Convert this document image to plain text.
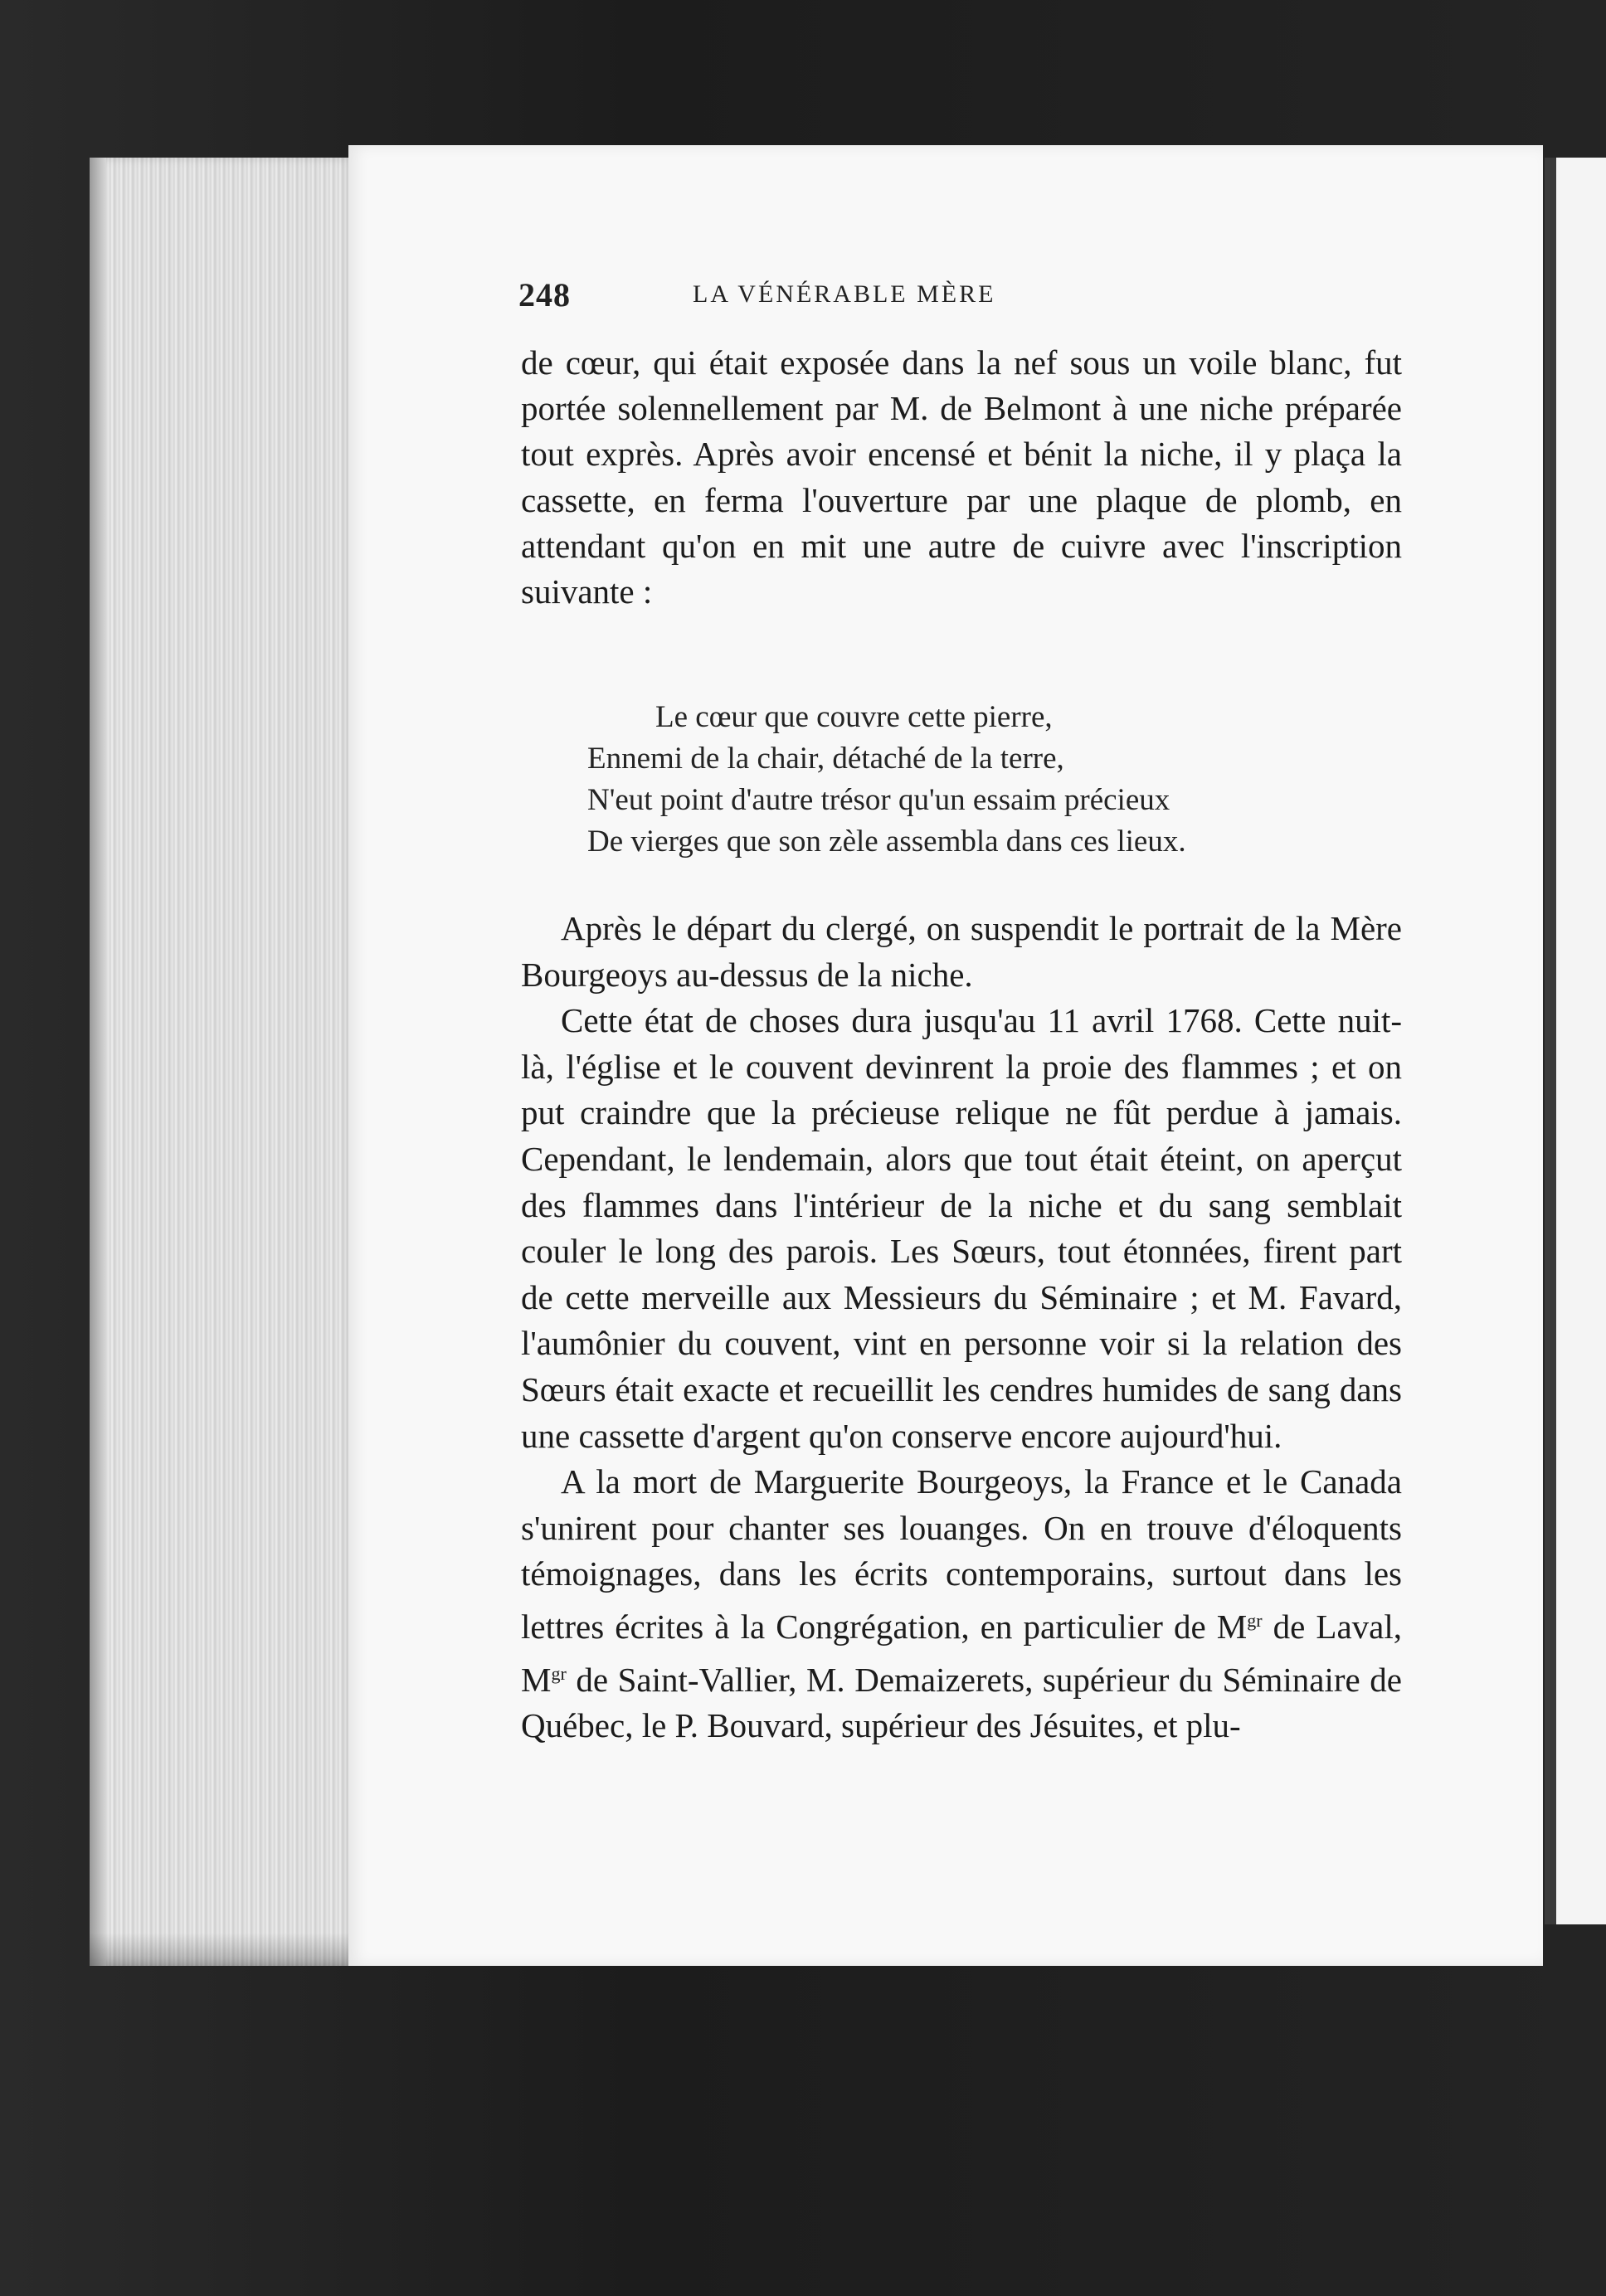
248	LA VÉNÉRABLE MÈRE

de cœur, qui était exposée dans la nef sous un voile blanc, fut portée solennellement par M. de Belmont à une niche préparée tout exprès. Après avoir encensé et bénit la niche, il y plaça la cassette, en ferma l'ouverture par une plaque de plomb, en attendant qu'on en mit une autre de cuivre avec l'inscription suivante :

Le cœur que couvre cette pierre,
Ennemi de la chair, détaché de la terre,
N'eut point d'autre trésor qu'un essaim précieux
De vierges que son zèle assembla dans ces lieux.

Après le départ du clergé, on suspendit le portrait de la Mère Bourgeoys au-dessus de la niche.

Cette état de choses dura jusqu'au 11 avril 1768. Cette nuit-là, l'église et le couvent devinrent la proie des flammes ; et on put craindre que la précieuse relique ne fût perdue à jamais. Cependant, le lendemain, alors que tout était éteint, on aperçut des flammes dans l'intérieur de la niche et du sang semblait couler le long des parois. Les Sœurs, tout étonnées, firent part de cette merveille aux Messieurs du Séminaire ; et M. Favard, l'aumônier du couvent, vint en personne voir si la relation des Sœurs était exacte et recueillit les cendres humides de sang dans une cassette d'argent qu'on conserve encore aujourd'hui.

A la mort de Marguerite Bourgeoys, la France et le Canada s'unirent pour chanter ses louanges. On en trouve d'éloquents témoignages, dans les écrits contemporains, surtout dans les lettres écrites à la Congrégation, en particulier de $M^{gr}$ de Laval, $M^{gr}$ de Saint-Vallier, M. Demaizerets, supérieur du Séminaire de Québec, le P. Bouvard, supérieur des Jésuites, et plu-
